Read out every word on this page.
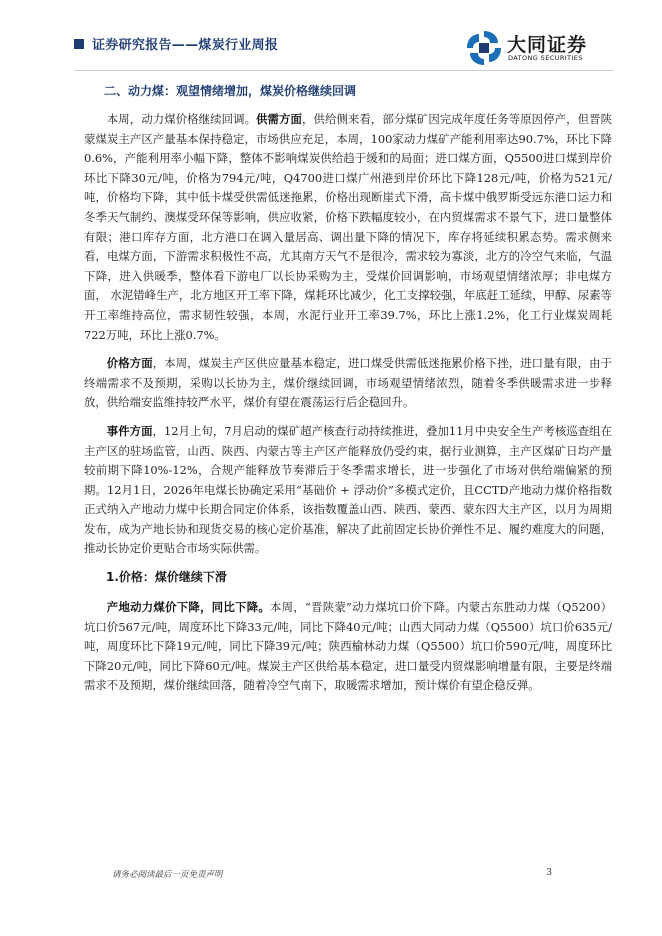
证券研究报告——煤炭行业周报	大同证券
DATONG SECURITIES
二、动力煤：观望情绪增加，煤炭价格继续回调

本周，动力煤价格继续回调。供需方面，供给侧来看，部分煤矿因完成年度任务等原因停产，但晋陕蒙煤炭主产区产量基本保持稳定，市场供应充足，本周，100家动力煤矿产能利用率达90.7%，环比下降0.6%，产能利用率小幅下降，整体不影响煤炭供给趋于缓和的局面；进口煤方面，Q5500进口煤到岸价环比下降30元/吨，价格为794元/吨，Q4700进口煤广州港到岸价环比下降128元/吨，价格为521元/吨，价格均下降，其中低卡煤受供需低迷拖累，价格出现断崖式下滑，高卡煤中俄罗斯受远东港口运力和冬季天气制约、澳煤受环保等影响，供应收紧，价格下跌幅度较小，在内贸煤需求不景气下，进口量整体有限；港口库存方面，北方港口在调入量居高、调出量下降的情况下，库存将延续积累态势。需求侧来看，电煤方面，下游需求积极性不高，尤其南方天气不是很冷，需求较为寡淡，北方的冷空气来临，气温下降，进入供暖季，整体看下游电厂以长协采购为主，受煤价回调影响，市场观望情绪浓厚；非电煤方面， 水泥错峰生产，北方地区开工率下降，煤耗环比减少，化工支撑较强，年底赶工延续，甲醇、尿素等开工率维持高位，需求韧性较强，本周，水泥行业开工率39.7%，环比上涨1.2%，化工行业煤炭周耗722万吨，环比上涨0.7%。

价格方面，本周，煤炭主产区供应量基本稳定，进口煤受供需低迷拖累价格下挫，进口量有限，由于终端需求不及预期，采购以长协为主，煤价继续回调，市场观望情绪浓烈，随着冬季供暖需求进一步释放，供给端安监维持较严水平，煤价有望在震荡运行后企稳回升。

事件方面，12月上旬，7月启动的煤矿超产核查行动持续推进，叠加11月中央安全生产考核巡查组在主产区的驻场监管，山西、陕西、内蒙古等主产区产能释放仍受约束，据行业测算，主产区煤矿日均产量较前期下降10%-12%，合规产能释放节奏滞后于冬季需求增长，进一步强化了市场对供给端偏紧的预期。12月1日，2026年电煤长协确定采用“基础价 + 浮动价”多模式定价，且CCTD产地动力煤价格指数正式纳入产地动力煤中长期合同定价体系，该指数覆盖山西、陕西、蒙西、蒙东四大主产区，以月为周期发布，成为产地长协和现货交易的核心定价基准，解决了此前固定长协价弹性不足、履约难度大的问题，推动长协定价更贴合市场实际供需。

1.价格：煤价继续下滑

产地动力煤价下降，同比下降。本周，“晋陕蒙”动力煤坑口价下降。内蒙古东胜动力煤（Q5200）坑口价567元/吨，周度环比下降33元/吨，同比下降40元/吨；山西大同动力煤（Q5500）坑口价635元/吨，周度环比下降19元/吨，同比下降39元/吨；陕西榆林动力煤（Q5500）坑口价590元/吨，周度环比下降20元/吨，同比下降60元/吨。煤炭主产区供给基本稳定，进口量受内贸煤影响增量有限，主要是终端需求不及预期，煤价继续回落，随着冷空气南下，取暖需求增加，预计煤价有望企稳反弹。

请务必阅读最后一页免责声明	3
